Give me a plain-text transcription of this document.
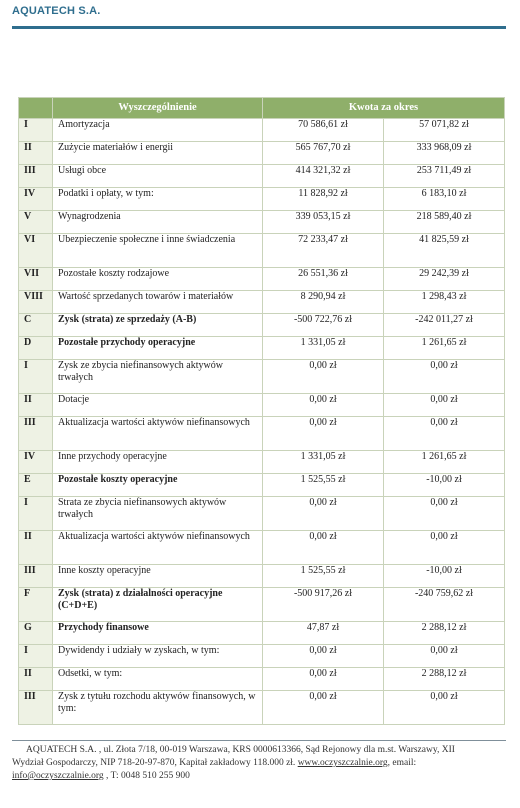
AQUATECH S.A.
	Wyszczególnienie	Kwota za okres	
I	Amortyzacja	70 586,61 zł	57 071,82 zł
II	Zużycie materiałów i energii	565 767,70 zł	333 968,09 zł
III	Usługi obce	414 321,32 zł	253 711,49 zł
IV	Podatki i opłaty, w tym:	11 828,92 zł	6 183,10 zł
V	Wynagrodzenia	339 053,15 zł	218 589,40 zł
VI	Ubezpieczenie społeczne i inne świadczenia	72 233,47 zł	41 825,59 zł
VII	Pozostałe koszty rodzajowe	26 551,36 zł	29 242,39 zł
VIII	Wartość sprzedanych towarów i materiałów	8 290,94 zł	1 298,43 zł
C	Zysk (strata) ze sprzedaży (A-B)	-500 722,76 zł	-242 011,27 zł
D	Pozostałe przychody operacyjne	1 331,05 zł	1 261,65 zł
I	Zysk ze zbycia niefinansowych aktywów trwałych	0,00 zł	0,00 zł
II	Dotacje	0,00 zł	0,00 zł
III	Aktualizacja wartości aktywów niefinansowych	0,00 zł	0,00 zł
IV	Inne przychody operacyjne	1 331,05 zł	1 261,65 zł
E	Pozostałe koszty operacyjne	1 525,55 zł	-10,00 zł
I	Strata ze zbycia niefinansowych aktywów trwałych	0,00 zł	0,00 zł
II	Aktualizacja wartości aktywów niefinansowych	0,00 zł	0,00 zł
III	Inne koszty operacyjne	1 525,55 zł	-10,00 zł
F	Zysk (strata) z działalności operacyjne (C+D+E)	-500 917,26 zł	-240 759,62 zł
G	Przychody finansowe	47,87 zł	2 288,12 zł
I	Dywidendy i udziały w zyskach, w tym:	0,00 zł	0,00 zł
II	Odsetki, w tym:	0,00 zł	2 288,12 zł
III	Zysk z tytułu rozchodu aktywów finansowych, w tym:	0,00 zł	0,00 zł
AQUATECH S.A. , ul. Złota 7/18, 00-019 Warszawa, KRS 0000613366, Sąd Rejonowy dla m.st. Warszawy, XII
Wydział Gospodarczy, NIP 718-20-97-870, Kapitał zakładowy 118.000 zł. www.oczyszczalnie.org, email:
info@oczyszczalnie.org , T: 0048 510 255 900
